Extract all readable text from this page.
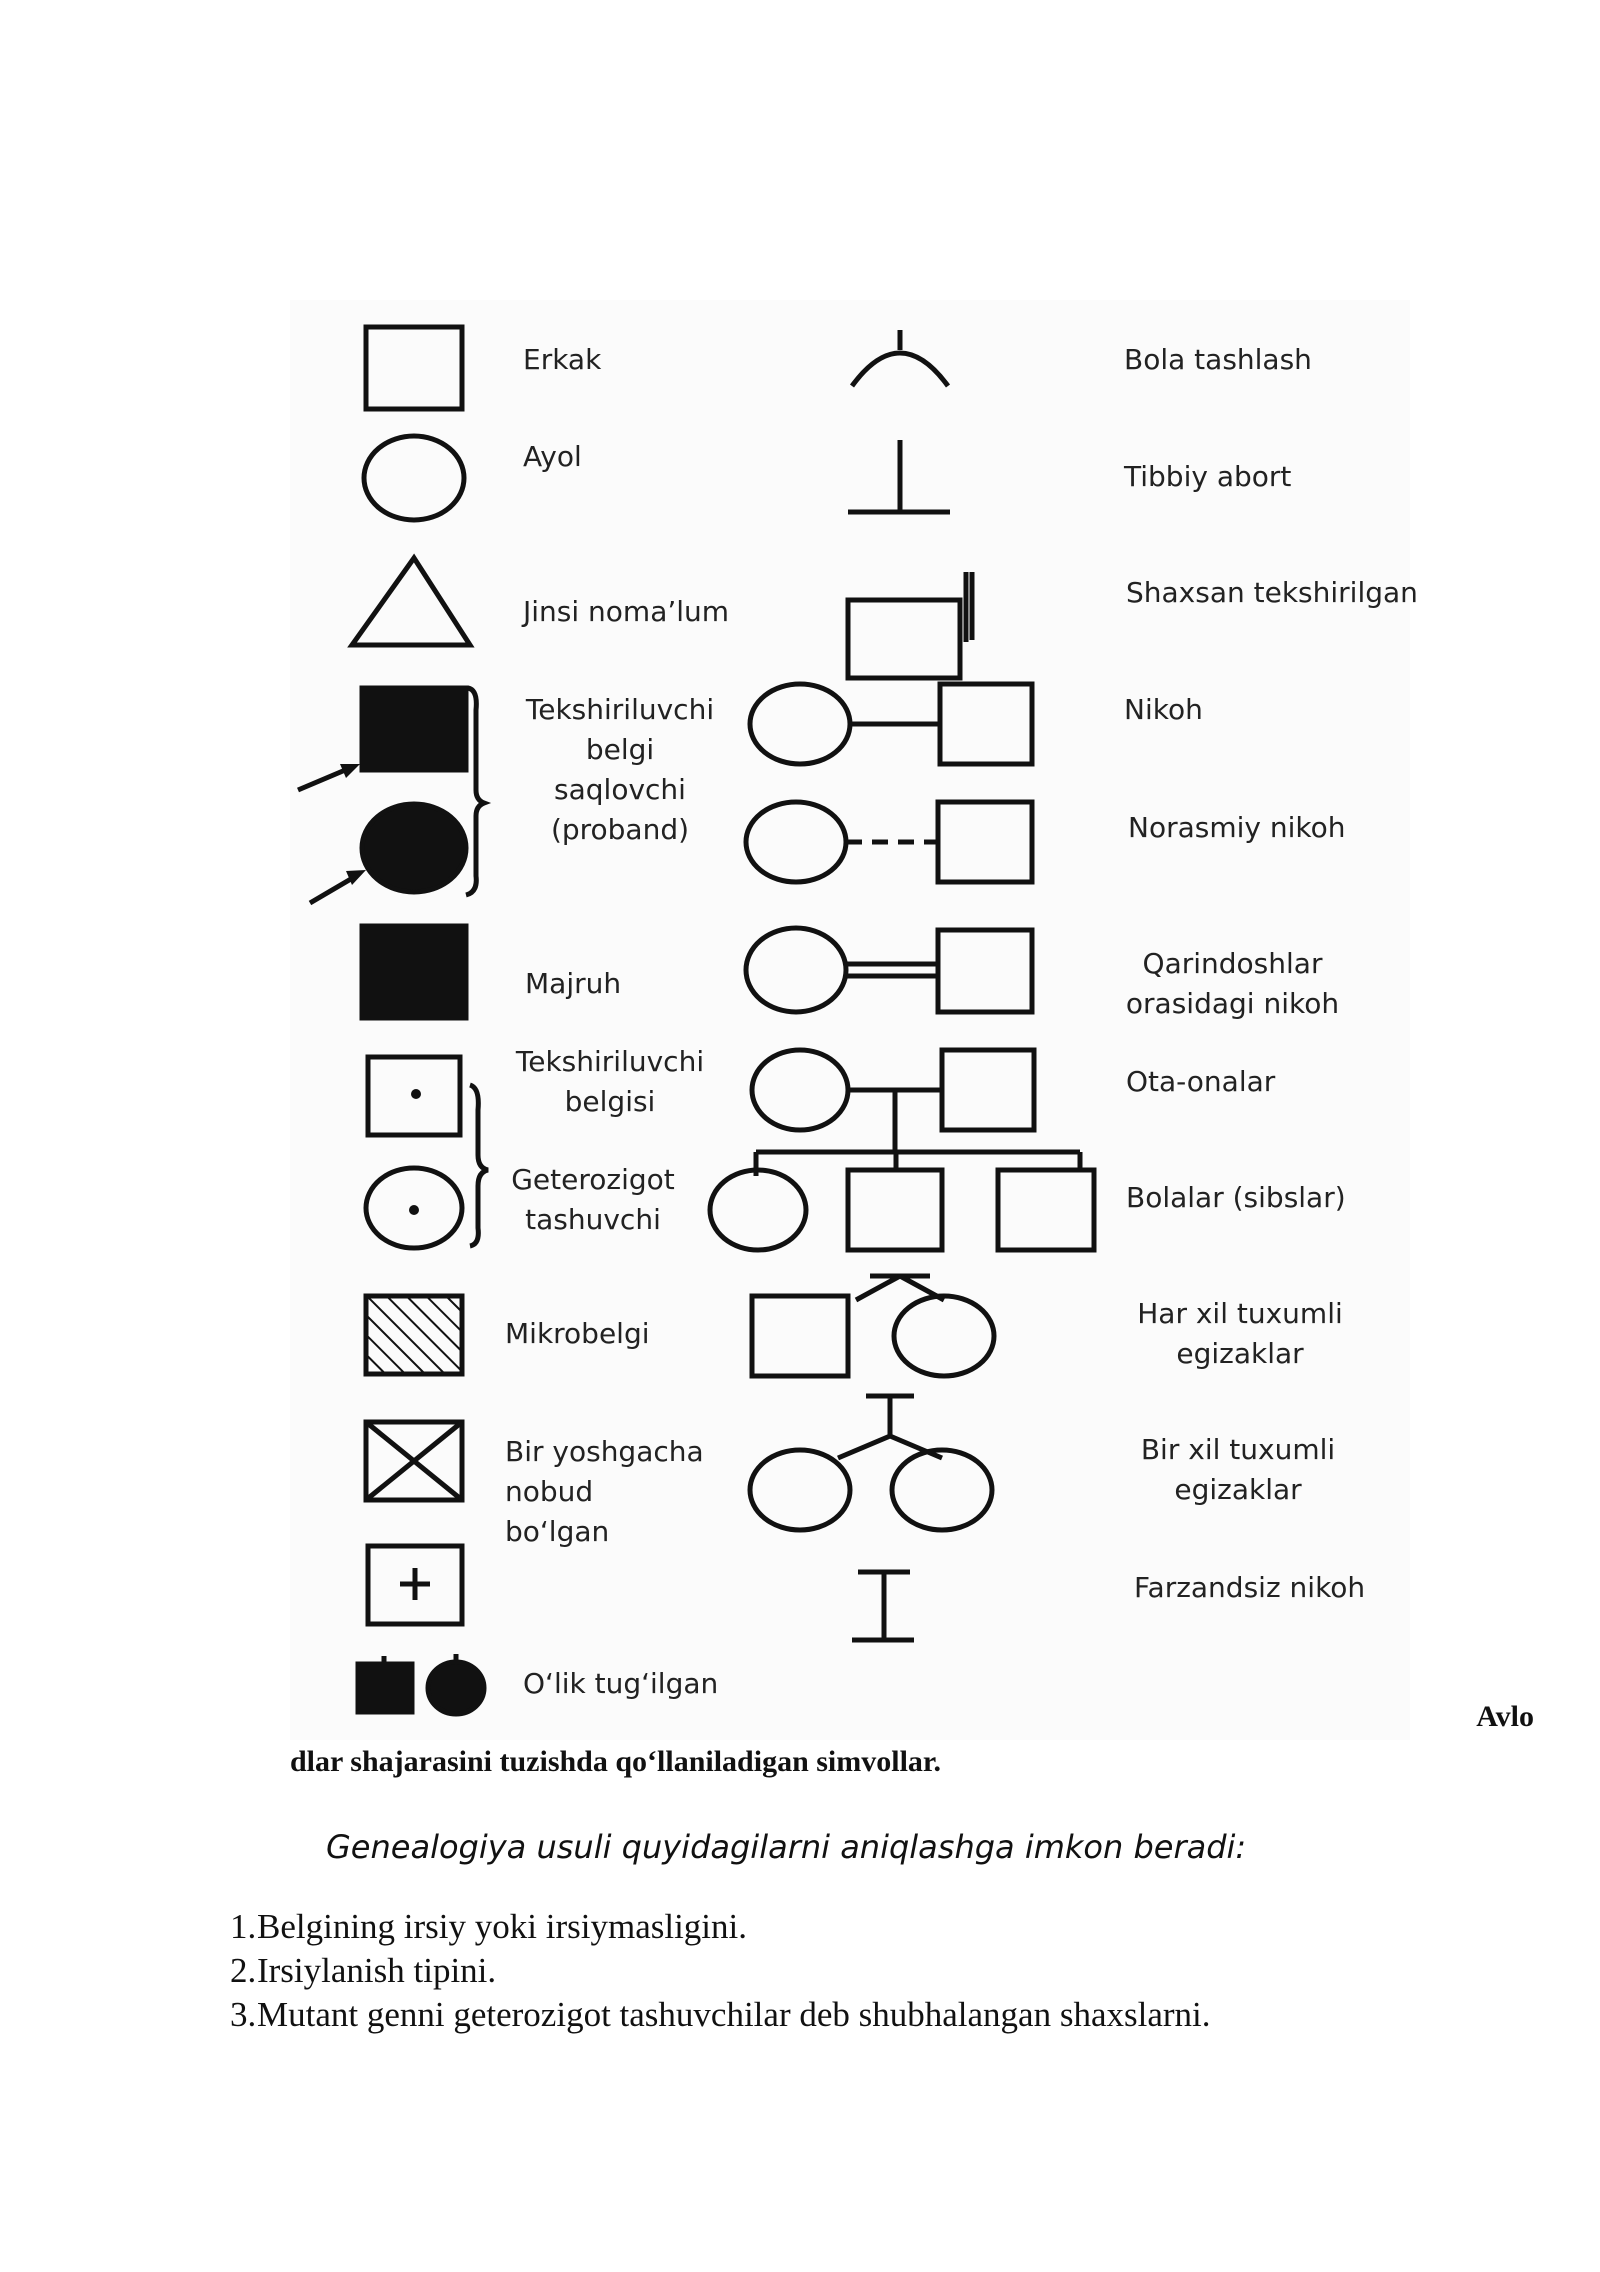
Erkak
Ayol
Jinsi noma’lum
Tekshiriluvchi
belgi
saqlovchi
(proband)
Majruh
Tekshiriluvchi
belgisi
Geterozigot
tashuvchi
Mikrobelgi
Bir yoshgacha
nobud
bo‘lgan
O‘lik tug‘ilgan
Bola tashlash
Tibbiy abort
Shaxsan tekshirilgan
Nikoh
Norasmiy nikoh
Qarindoshlar
orasidagi nikoh
Ota-onalar
Bolalar (sibslar)
Har xil tuxumli
egizaklar
Bir xil tuxumli
egizaklar
Farzandsiz nikoh
Avlo
dlar shajarasini tuzishda qo‘llaniladigan simvollar.
Genealogiya usuli quyidagilarni aniqlashga imkon beradi:
1. Belgining irsiy yoki irsiymasligini.
2. Irsiylanish tipini.
3. Mutant genni geterozigot tashuvchilar deb shubhalangan shaxslarni.
